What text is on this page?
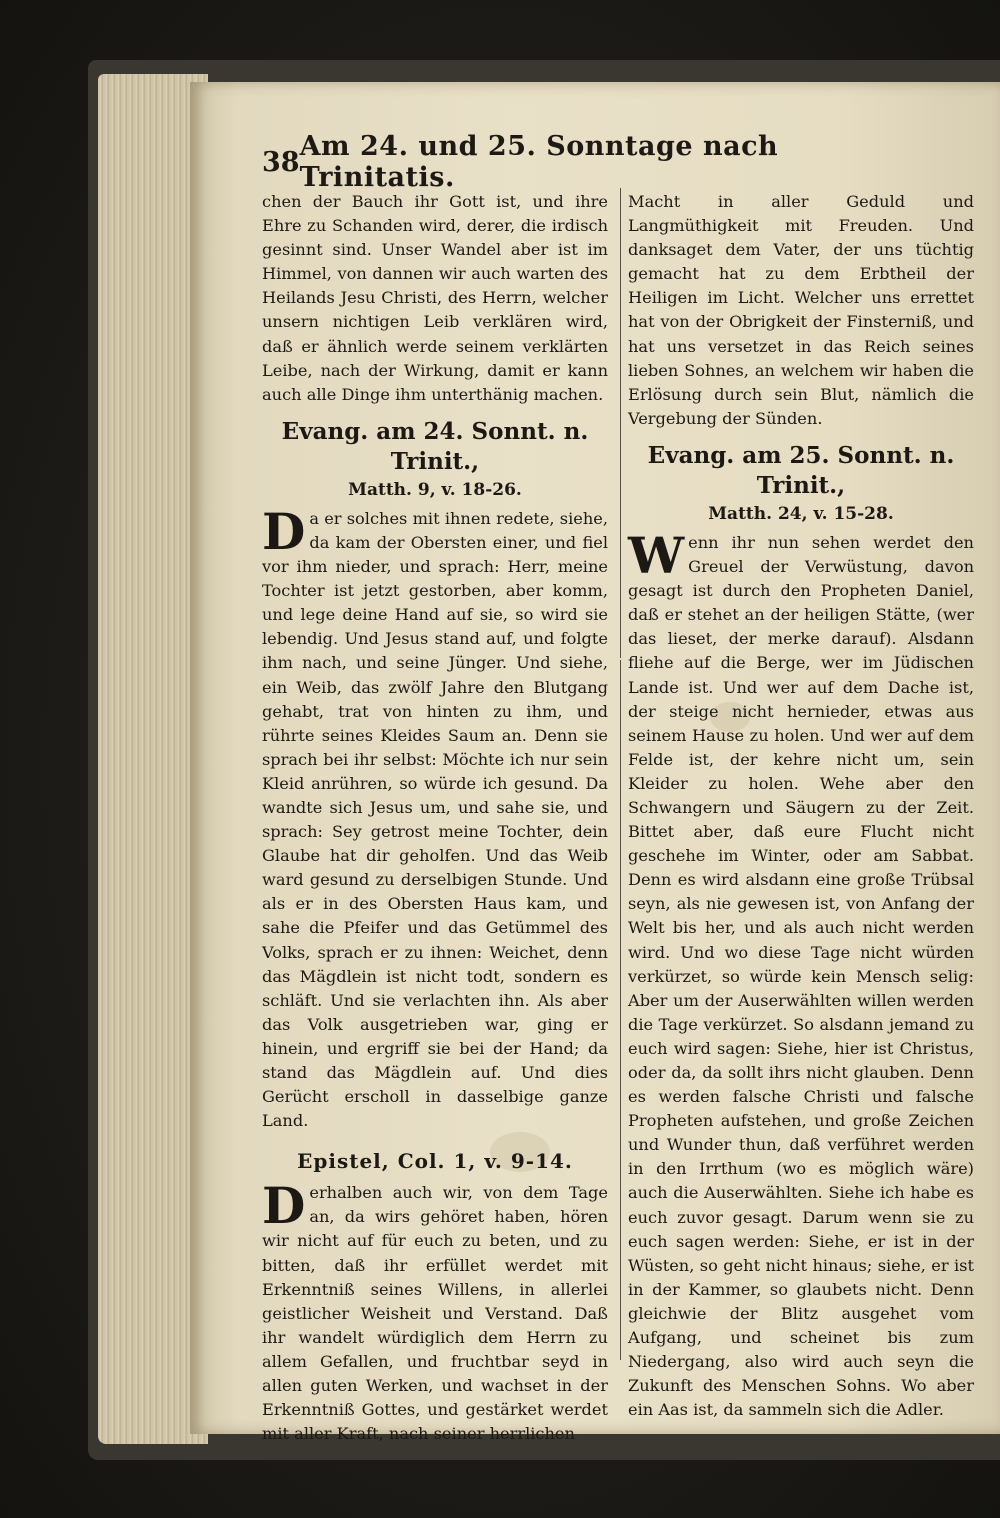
38 Am 24. und 25. Sonntage nach Trinitatis.

chen der Bauch ihr Gott ist, und ihre Ehre zu Schanden wird, derer, die irdisch gesinnt sind. Unser Wandel aber ist im Himmel, von dannen wir auch warten des Heilands Jesu Christi, des Herrn, welcher unsern nichtigen Leib verklären wird, daß er ähnlich werde seinem verklärten Leibe, nach der Wirkung, damit er kann auch alle Dinge ihm unterthänig machen.

Evang. am 24. Sonnt. n. Trinit.,
Matth. 9, v. 18-26.

Da er solches mit ihnen redete, siehe, da kam der Obersten einer, und fiel vor ihm nieder, und sprach: Herr, meine Tochter ist jetzt gestorben, aber komm, und lege deine Hand auf sie, so wird sie lebendig. Und Jesus stand auf, und folgte ihm nach, und seine Jünger. Und siehe, ein Weib, das zwölf Jahre den Blutgang gehabt, trat von hinten zu ihm, und rührte seines Kleides Saum an. Denn sie sprach bei ihr selbst: Möchte ich nur sein Kleid anrühren, so würde ich gesund. Da wandte sich Jesus um, und sahe sie, und sprach: Sey getrost meine Tochter, dein Glaube hat dir geholfen. Und das Weib ward gesund zu derselbigen Stunde. Und als er in des Obersten Haus kam, und sahe die Pfeifer und das Getümmel des Volks, sprach er zu ihnen: Weichet, denn das Mägdlein ist nicht todt, sondern es schläft. Und sie verlachten ihn. Als aber das Volk ausgetrieben war, ging er hinein, und ergriff sie bei der Hand; da stand das Mägdlein auf. Und dies Gerücht erscholl in dasselbige ganze Land.

Epistel, Col. 1, v. 9-14.

Derhalben auch wir, von dem Tage an, da wirs gehöret haben, hören wir nicht auf für euch zu beten, und zu bitten, daß ihr erfüllet werdet mit Erkenntniß seines Willens, in allerlei geistlicher Weisheit und Verstand. Daß ihr wandelt würdiglich dem Herrn zu allem Gefallen, und fruchtbar seyd in allen guten Werken, und wachset in der Erkenntniß Gottes, und gestärket werdet mit aller Kraft, nach seiner herrlichen

Macht in aller Geduld und Langmüthigkeit mit Freuden. Und danksaget dem Vater, der uns tüchtig gemacht hat zu dem Erbtheil der Heiligen im Licht. Welcher uns errettet hat von der Obrigkeit der Finsterniß, und hat uns versetzet in das Reich seines lieben Sohnes, an welchem wir haben die Erlösung durch sein Blut, nämlich die Vergebung der Sünden.

Evang. am 25. Sonnt. n. Trinit.,
Matth. 24, v. 15-28.

Wenn ihr nun sehen werdet den Greuel der Verwüstung, davon gesagt ist durch den Propheten Daniel, daß er stehet an der heiligen Stätte, (wer das lieset, der merke darauf). Alsdann fliehe auf die Berge, wer im Jüdischen Lande ist. Und wer auf dem Dache ist, der steige nicht hernieder, etwas aus seinem Hause zu holen. Und wer auf dem Felde ist, der kehre nicht um, sein Kleider zu holen. Wehe aber den Schwangern und Säugern zu der Zeit. Bittet aber, daß eure Flucht nicht geschehe im Winter, oder am Sabbat. Denn es wird alsdann eine große Trübsal seyn, als nie gewesen ist, von Anfang der Welt bis her, und als auch nicht werden wird. Und wo diese Tage nicht würden verkürzet, so würde kein Mensch selig: Aber um der Auserwählten willen werden die Tage verkürzet. So alsdann jemand zu euch wird sagen: Siehe, hier ist Christus, oder da, da sollt ihrs nicht glauben. Denn es werden falsche Christi und falsche Propheten aufstehen, und große Zeichen und Wunder thun, daß verführet werden in den Irrthum (wo es möglich wäre) auch die Auserwählten. Siehe ich habe es euch zuvor gesagt. Darum wenn sie zu euch sagen werden: Siehe, er ist in der Wüsten, so geht nicht hinaus; siehe, er ist in der Kammer, so glaubets nicht. Denn gleichwie der Blitz ausgehet vom Aufgang, und scheinet bis zum Niedergang, also wird auch seyn die Zukunft des Menschen Sohns. Wo aber ein Aas ist, da sammeln sich die Adler.
